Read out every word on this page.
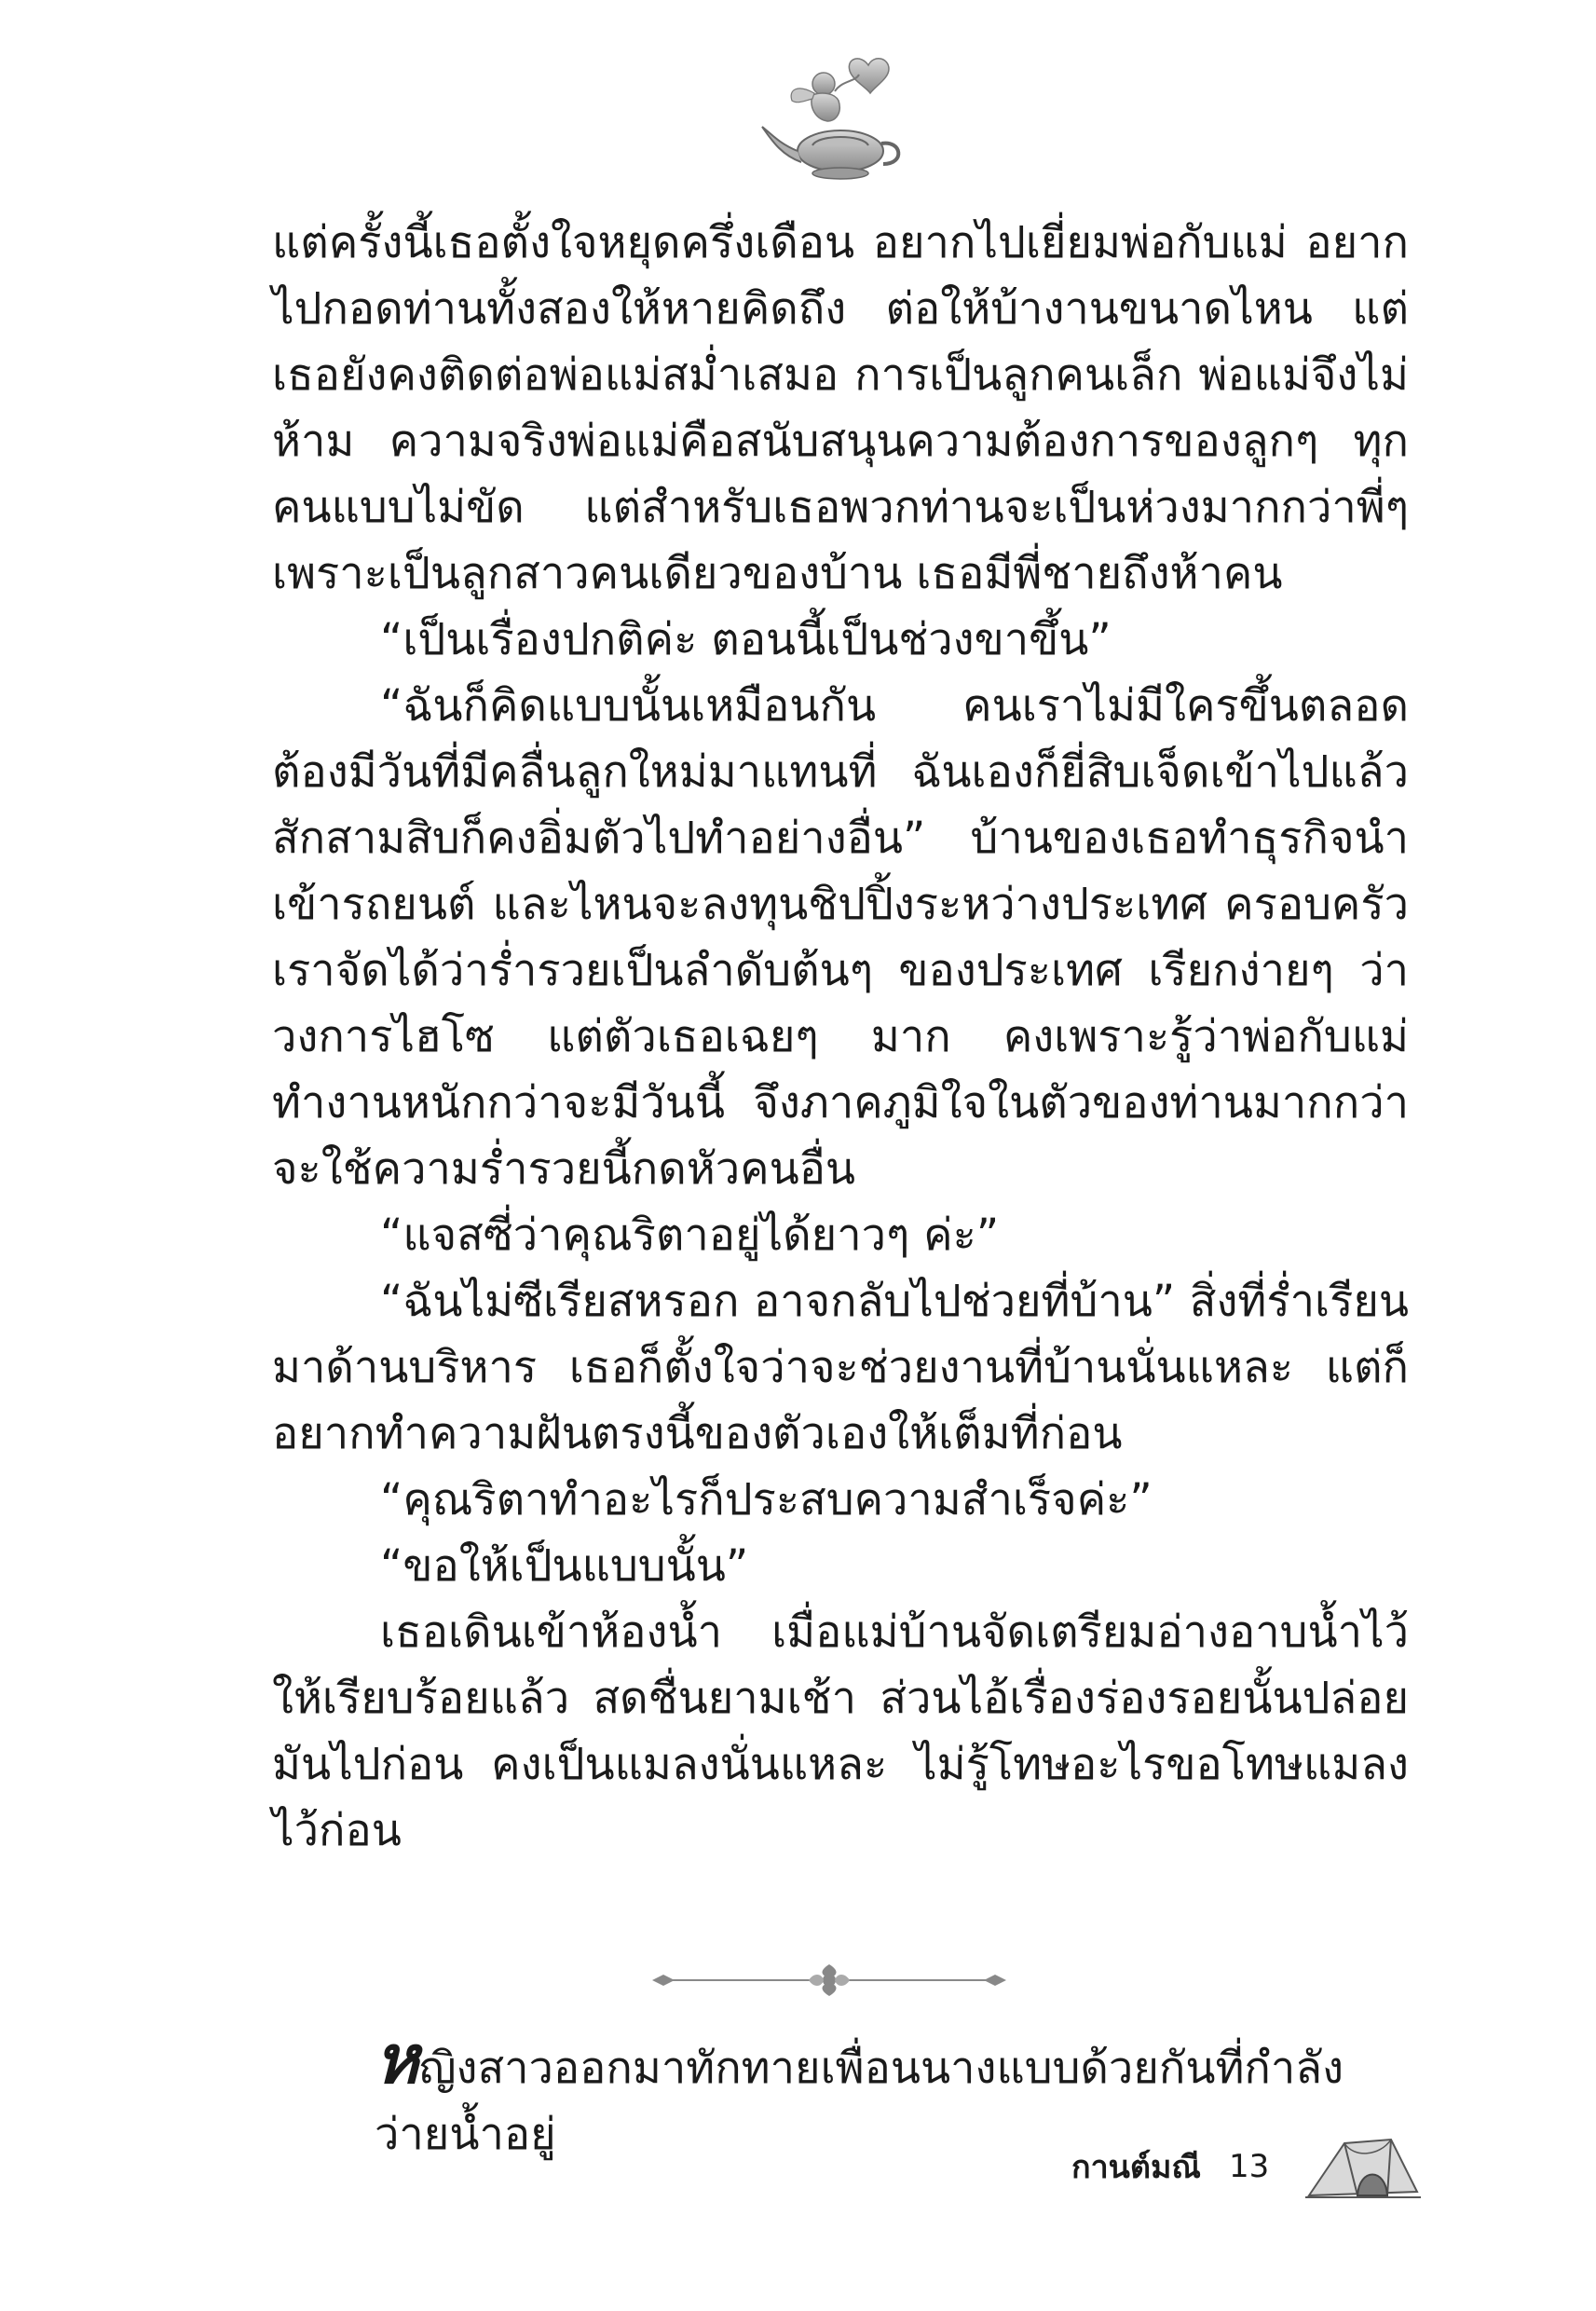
แต่ครั้งนี้เธอตั้งใจหยุดครึ่งเดือน อยากไปเยี่ยมพ่อกับแม่ อยากไปกอดท่านทั้งสองให้หายคิดถึง ต่อให้บ้างานขนาดไหน แต่เธอยังคงติดต่อพ่อแม่สม่ำเสมอ การเป็นลูกคนเล็ก พ่อแม่จึงไม่ห้าม ความจริงพ่อแม่คือสนับสนุนความต้องการของลูกๆ ทุกคนแบบไม่ขัด แต่สำหรับเธอพวกท่านจะเป็นห่วงมากกว่าพี่ๆ เพราะเป็นลูกสาวคนเดียวของบ้าน เธอมีพี่ชายถึงห้าคน

“เป็นเรื่องปกติค่ะ ตอนนี้เป็นช่วงขาขึ้น”

“ฉันก็คิดแบบนั้นเหมือนกัน คนเราไม่มีใครขึ้นตลอด ต้องมีวันที่มีคลื่นลูกใหม่มาแทนที่ ฉันเองก็ยี่สิบเจ็ดเข้าไปแล้ว สักสามสิบก็คงอิ่มตัวไปทำอย่างอื่น” บ้านของเธอทำธุรกิจนำเข้ารถยนต์ และไหนจะลงทุนชิปปิ้งระหว่างประเทศ ครอบครัวเราจัดได้ว่าร่ำรวยเป็นลำดับต้นๆ ของประเทศ เรียกง่ายๆ ว่าวงการไฮโซ แต่ตัวเธอเฉยๆ มาก คงเพราะรู้ว่าพ่อกับแม่ทำงานหนักกว่าจะมีวันนี้ จึงภาคภูมิใจในตัวของท่านมากกว่าจะใช้ความร่ำรวยนี้กดหัวคนอื่น

“แจสซี่ว่าคุณริตาอยู่ได้ยาวๆ ค่ะ”

“ฉันไม่ซีเรียสหรอก อาจกลับไปช่วยที่บ้าน” สิ่งที่ร่ำเรียนมาด้านบริหาร เธอก็ตั้งใจว่าจะช่วยงานที่บ้านนั่นแหละ แต่ก็อยากทำความฝันตรงนี้ของตัวเองให้เต็มที่ก่อน

“คุณริตาทำอะไรก็ประสบความสำเร็จค่ะ”

“ขอให้เป็นแบบนั้น”

เธอเดินเข้าห้องน้ำ เมื่อแม่บ้านจัดเตรียมอ่างอาบน้ำไว้ให้เรียบร้อยแล้ว สดชื่นยามเช้า ส่วนไอ้เรื่องร่องรอยนั้นปล่อยมันไปก่อน คงเป็นแมลงนั่นแหละ ไม่รู้โทษอะไรขอโทษแมลงไว้ก่อน

หญิงสาวออกมาทักทายเพื่อนนางแบบด้วยกันที่กำลังว่ายน้ำอยู่
กานต์มณี 13
